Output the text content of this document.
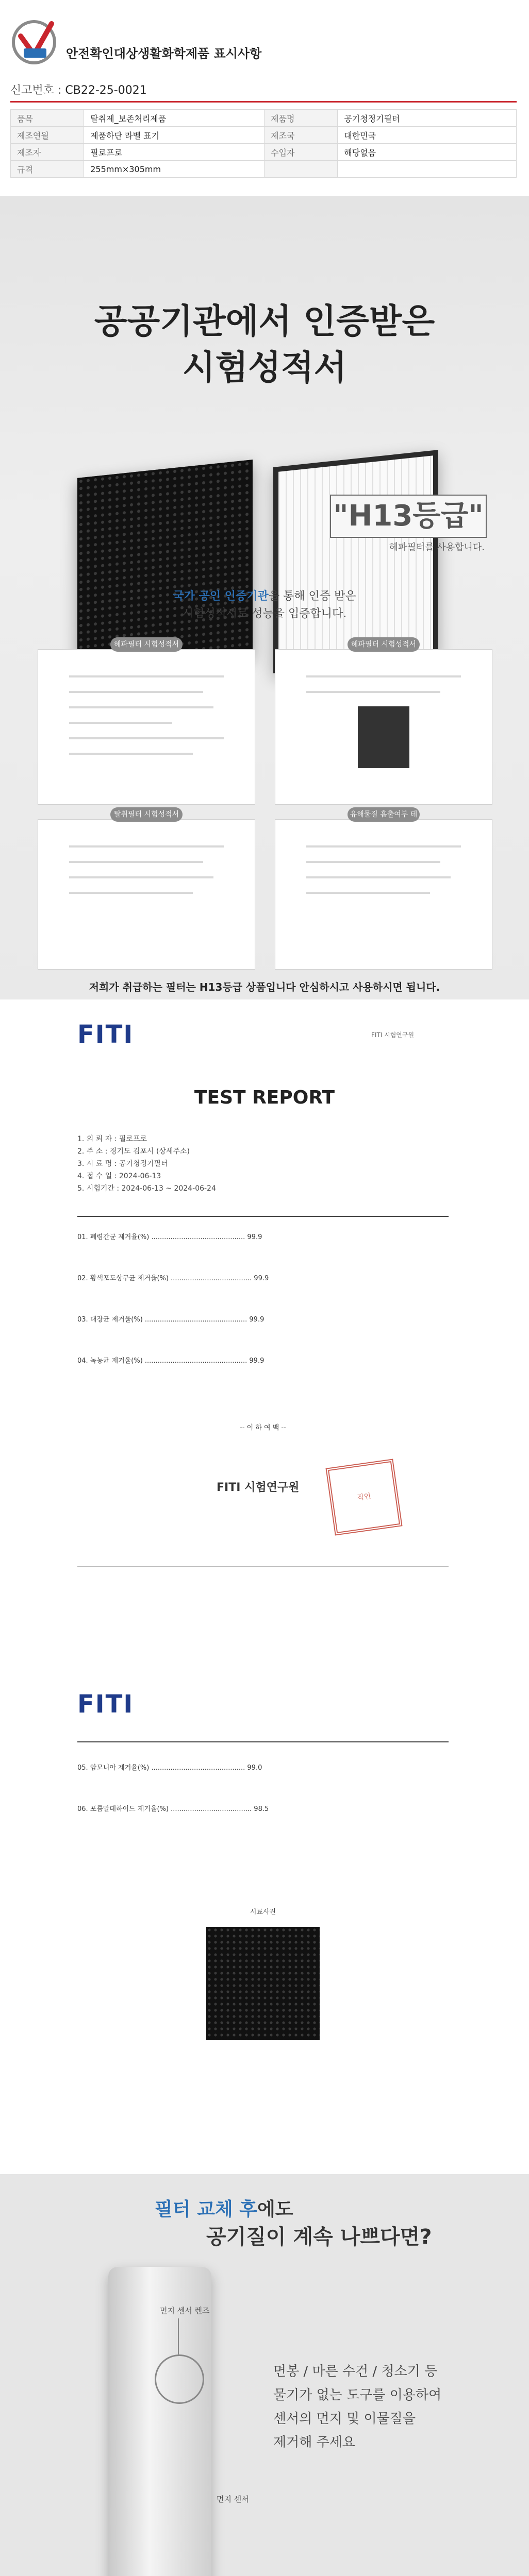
안전확인대상생활화학제품 표시사항
신고번호 : CB22-25-0021
품목	탈취제_보존처리제품	제품명	공기청정기필터
제조연월	제품하단 라벨 표기	제조국	대한민국
제조자	필로프로	수입자	해당없음
규격	255mm×305mm		
공공기관에서 인증받은
시험성적서
"H13등급"
헤파필터를 사용합니다.
국가 공인 인증기관을 통해 인증 받은
시험성적서로 성능을 입증합니다.
헤파필터 시험성적서	헤파필터 시험성적서
탈취필터 시험성적서	유해물질 흡출여부 테스트
저희가 취급하는 필터는 H13등급 상품입니다 안심하시고 사용하시면 됩니다.
FITI	FITI 시험연구원
TEST REPORT
1. 의 뢰 자 : 필로프로
2. 주 소 : 경기도 김포시 (상세주소)
3. 시 료 명 : 공기청정기필터
4. 접 수 일 : 2024-06-13
5. 시험기간 : 2024-06-13 ~ 2024-06-24
01. 폐렴간균 제거율(%) ............................................ 99.9
02. 황색포도상구균 제거율(%) ...................................... 99.9
03. 대장균 제거율(%) ................................................ 99.9
04. 녹농균 제거율(%) ................................................ 99.9
-- 이 하 여 백 --
FITI 시험연구원
직인
FITI
05. 암모니아 제거율(%) ............................................ 99.0
06. 포름알데하이드 제거율(%) ...................................... 98.5
시료사진
필터 교체 후에도
공기질이 계속 나쁘다면?
먼지 센서 렌즈
먼지 센서
면봉 / 마른 수건 / 청소기 등
물기가 없는 도구를 이용하여
센서의 먼지 및 이물질을
제거해 주세요
